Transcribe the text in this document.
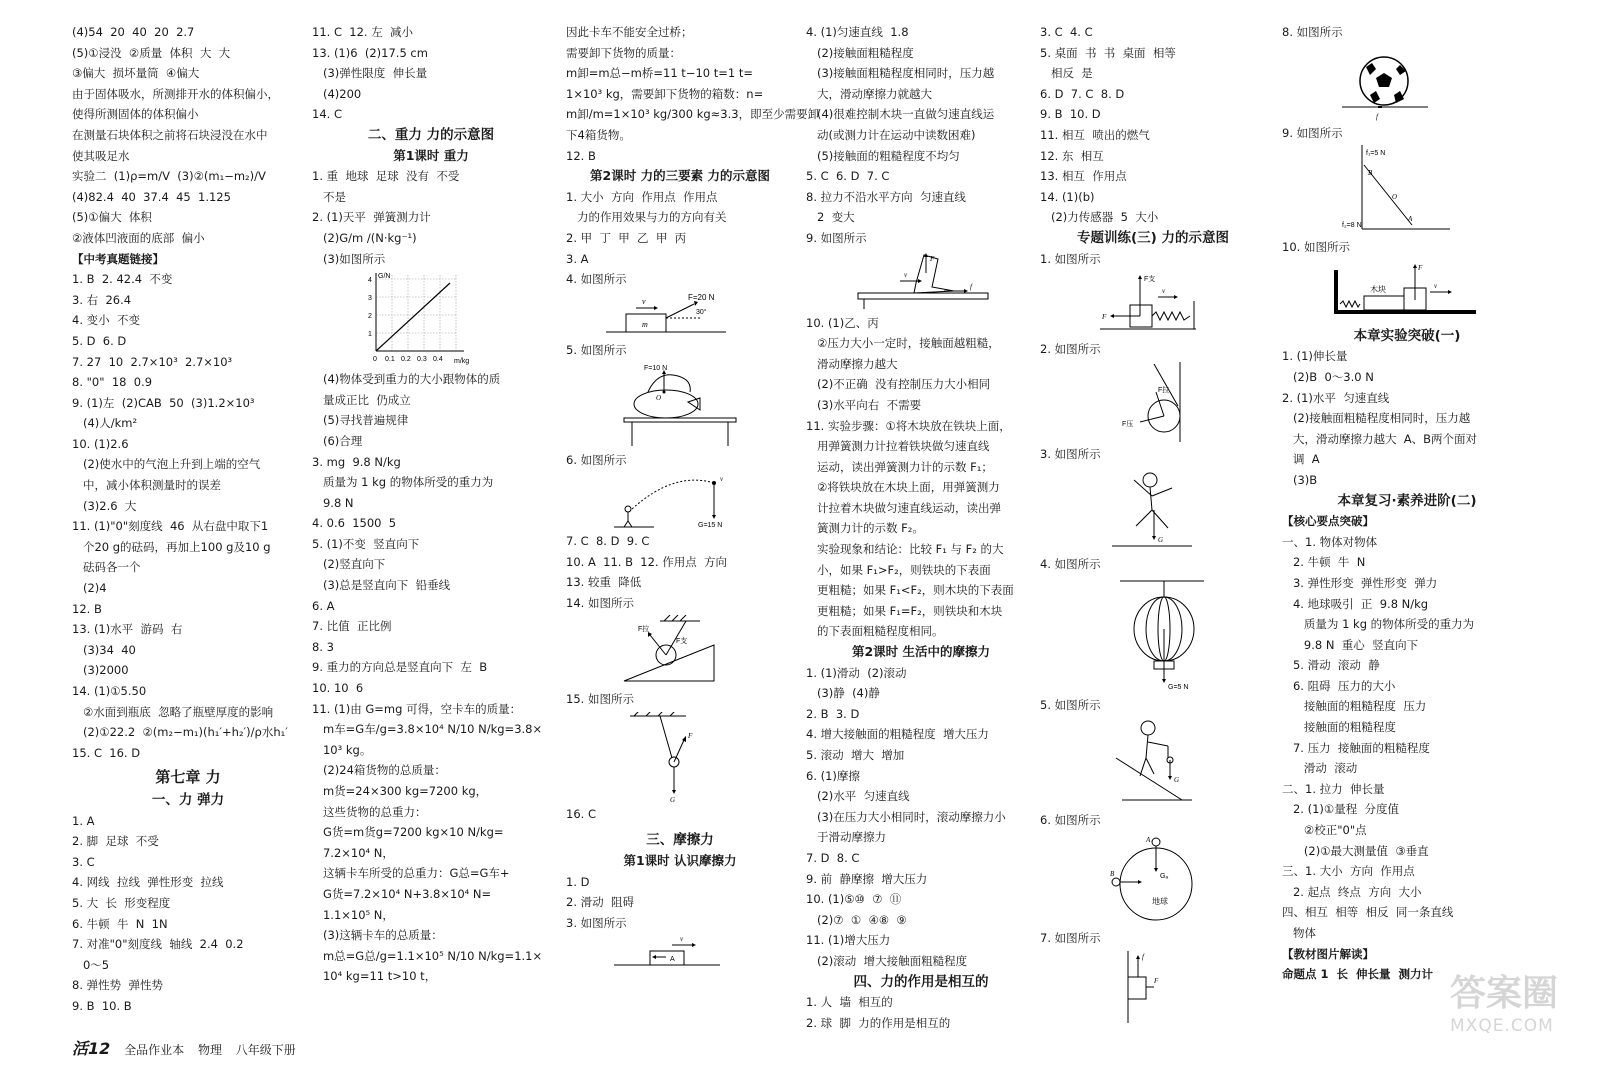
(4)54  20  40  20  2.7
(5)①浸没  ②质量  体积  大  大
③偏大  损坏量筒  ④偏大
由于固体吸水，所测排开水的体积偏小，
使得所测固体的体积偏小
在测量石块体积之前将石块浸没在水中
使其吸足水
实验二  (1)ρ=m/V  (3)②(m₁−m₂)/V
(4)82.4  40  37.4  45  1.125
(5)①偏大  体积
②液体凹液面的底部  偏小
【中考真题链接】
1. B  2. 42.4  不变
3. 右  26.4
4. 变小  不变
5. D  6. D
7. 27  10  2.7×10³  2.7×10³
8. "0"  18  0.9
9. (1)左  (2)CAB  50  (3)1.2×10³
(4)人/km²
10. (1)2.6
(2)使水中的气泡上升到上端的空气
中，减小体积测量时的误差
(3)2.6  大
11. (1)"0"刻度线  46  从右盘中取下1
个20 g的砝码，再加上100 g及10 g
砝码各一个
(2)4
12. B
13. (1)水平  游码  右
(3)34  40
(3)2000
14. (1)①5.50
②水面到瓶底  忽略了瓶壁厚度的影响
(2)①22.2  ②(m₂−m₁)(h₁′+h₂′)/ρ水h₁′
15. C  16. D
第七章 力
一、力 弹力
1. A
2. 脚  足球  不受
3. C
4. 网线  拉线  弹性形变  拉线
5. 大  长  形变程度
6. 牛顿  牛  N  1N
7. 对准"0"刻度线  轴线  2.4  0.2
0～5
8. 弹性势  弹性势
9. B  10. B
11. C  12. 左  减小
13. (1)6  (2)17.5 cm
(3)弹性限度  伸长量
(4)200
14. C
二、重力 力的示意图
第1课时 重力
1. 重  地球  足球  没有  不受
不是
2. (1)天平  弹簧测力计
(2)G/m /(N·kg⁻¹)
(3)如图所示
G/N
m/kg
4
3
2
1
0 0.1 0.2 0.3 0.4
(4)物体受到重力的大小跟物体的质
量成正比  仍成立
(5)寻找普遍规律
(6)合理
3. mg  9.8 N/kg
质量为 1 kg 的物体所受的重力为
9.8 N
4. 0.6  1500  5
5. (1)不变  竖直向下
(2)竖直向下
(3)总是竖直向下  铅垂线
6. A
7. 比值  正比例
8. 3
9. 重力的方向总是竖直向下  左  B
10. 10  6
11. (1)由 G=mg 可得，空卡车的质量：
m车=G车/g=3.8×10⁴ N/10 N/kg=3.8×
10³ kg。
(2)24箱货物的总质量：
m货=24×300 kg=7200 kg，
这些货物的总重力：
G货=m货g=7200 kg×10 N/kg=
7.2×10⁴ N，
这辆卡车所受的总重力：G总=G车+
G货=7.2×10⁴ N+3.8×10⁴ N=
1.1×10⁵ N，
(3)这辆卡车的总质量：
m总=G总/g=1.1×10⁵ N/10 N/kg=1.1×
10⁴ kg=11 t>10 t，
因此卡车不能安全过桥；
需要卸下货物的质量：
m卸=m总−m桥=11 t−10 t=1 t=
1×10³ kg，需要卸下货物的箱数：n=
m卸/m=1×10³ kg/300 kg≈3.3，即至少需要卸
下4箱货物。
12. B
第2课时 力的三要素 力的示意图
1. 大小  方向  作用点  作用点
力的作用效果与力的方向有关
2. 甲  丁  甲  乙  甲  丙
3. A
4. 如图所示
m
v	F=20 N
30°
5. 如图所示
F=10 N
O
6. 如图所示
G=15 N
v
7. C  8. D  9. C
10. A  11. B  12. 作用点  方向
13. 较重  降低
14. 如图所示
F拉
F支
15. 如图所示
F
G
16. C
三、摩擦力
第1课时 认识摩擦力
1. D
2. 滑动  阻碍
3. 如图所示
A
v
4. (1)匀速直线  1.8
(2)接触面粗糙程度
(3)接触面粗糙程度相同时，压力越
大，滑动摩擦力就越大
(4)很难控制木块一直做匀速直线运
动(或测力计在运动中读数困难)
(5)接触面的粗糙程度不均匀
5. C  6. D  7. C
8. 拉力不沿水平方向  匀速直线
2  变大
9. 如图所示
F
v
f
10. (1)乙、丙
②压力大小一定时，接触面越粗糙，
滑动摩擦力越大
(2)不正确  没有控制压力大小相同
(3)水平向右  不需要
11. 实验步骤：①将木块放在铁块上面，
用弹簧测力计拉着铁块做匀速直线
运动，读出弹簧测力计的示数 F₁；
②将铁块放在木块上面，用弹簧测力
计拉着木块做匀速直线运动，读出弹
簧测力计的示数 F₂。
实验现象和结论：比较 F₁ 与 F₂ 的大
小，如果 F₁>F₂，则铁块的下表面
更粗糙；如果 F₁<F₂，则木块的下表面
更粗糙；如果 F₁=F₂，则铁块和木块
的下表面粗糙程度相同。
第2课时 生活中的摩擦力
1. (1)滑动  (2)滚动
(3)静  (4)静
2. B  3. D
4. 增大接触面的粗糙程度  增大压力
5. 滚动  增大  增加
6. (1)摩擦
(2)水平  匀速直线
(3)在压力大小相同时，滚动摩擦力小
于滑动摩擦力
7. D  8. C
9. 前  静摩擦  增大压力
10. (1)⑤⑩  ⑦  ⑪
(2)⑦  ①  ④⑧  ⑨
11. (1)增大压力
(2)滚动  增大接触面粗糙程度
四、力的作用是相互的
1. 人  墙  相互的
2. 球  脚  力的作用是相互的
3. C  4. C
5. 桌面  书  书  桌面  相等
相反  是
6. D  7. C  8. D
9. B  10. D
11. 相互  喷出的燃气
12. 东  相互
13. 相互  作用点
14. (1)(b)
(2)力传感器  5  大小
专题训练(三) 力的示意图
1. 如图所示
F支
F
v
2. 如图所示
F拉
F压
3. 如图所示
G
4. 如图所示
G=5 N
5. 如图所示
G
6. 如图所示
A
B	Gₐ
地球
7. 如图所示
F
f
8. 如图所示
f
9. 如图所示
f₁=5 N
B
O
A
f₂=8 N
10. 如图所示
木块
F
v
本章实验突破(一)
1. (1)伸长量
(2)B  0～3.0 N
2. (1)水平  匀速直线
(2)接触面粗糙程度相同时，压力越
大，滑动摩擦力越大  A、B两个面对
调  A
(3)B
本章复习·素养进阶(二)
【核心要点突破】
一、1. 物体对物体
2. 牛顿  牛  N
3. 弹性形变  弹性形变  弹力
4. 地球吸引  正  9.8 N/kg
质量为 1 kg 的物体所受的重力为
9.8 N  重心  竖直向下
5. 滑动  滚动  静
6. 阻碍  压力的大小
接触面的粗糙程度  压力
接触面的粗糙程度
7. 压力  接触面的粗糙程度
滑动  滚动
二、1. 拉力  伸长量
2. (1)①量程  分度值
②校正"0"点
(2)①最大测量值  ③垂直
三、1. 大小  方向  作用点
2. 起点  终点  方向  大小
四、相互  相等  相反  同一条直线
物体
【教材图片解读】
命题点 1  长  伸长量  测力计
活12 全品作业本 物理 八年级下册
答案圈
MXQE.COM
